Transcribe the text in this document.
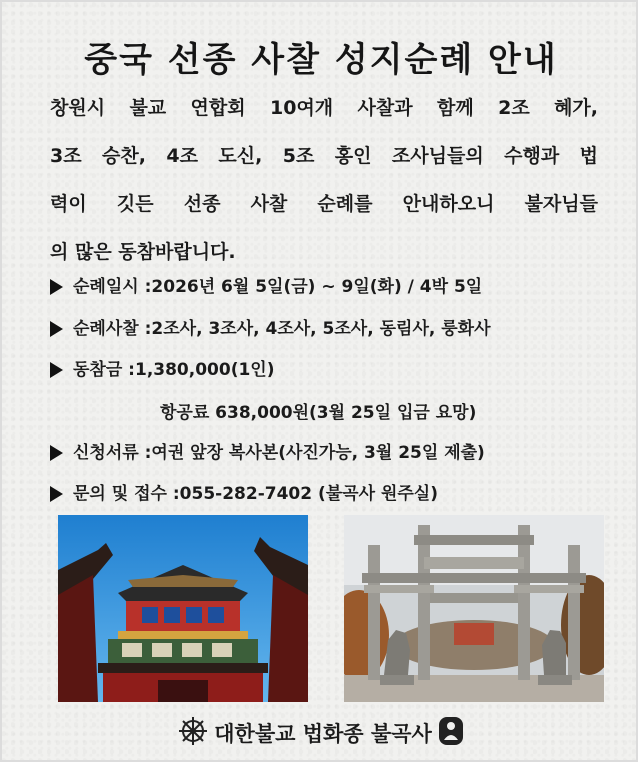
중국 선종 사찰 성지순례 안내
창원시 불교 연합회 10여개 사찰과 함께 2조 혜가,
3조 승찬, 4조 도신, 5조 홍인 조사님들의 수행과 법
력이 깃든 선종 사찰 순례를 안내하오니 불자님들
의 많은 동참바랍니다.
순례일시 : 2026년 6월 5일(금) ~ 9일(화) / 4박 5일
순례사찰 : 2조사, 3조사, 4조사, 5조사, 동림사, 룽화사
동참금 : 1,380,000(1인)
항공료 638,000원(3월 25일 입금 요망)
신청서류 : 여권 앞장 복사본(사진가능, 3월 25일 제출)
문의 및 접수 : 055-282-7402 (불곡사 원주실)
대한불교 법화종 불곡사
